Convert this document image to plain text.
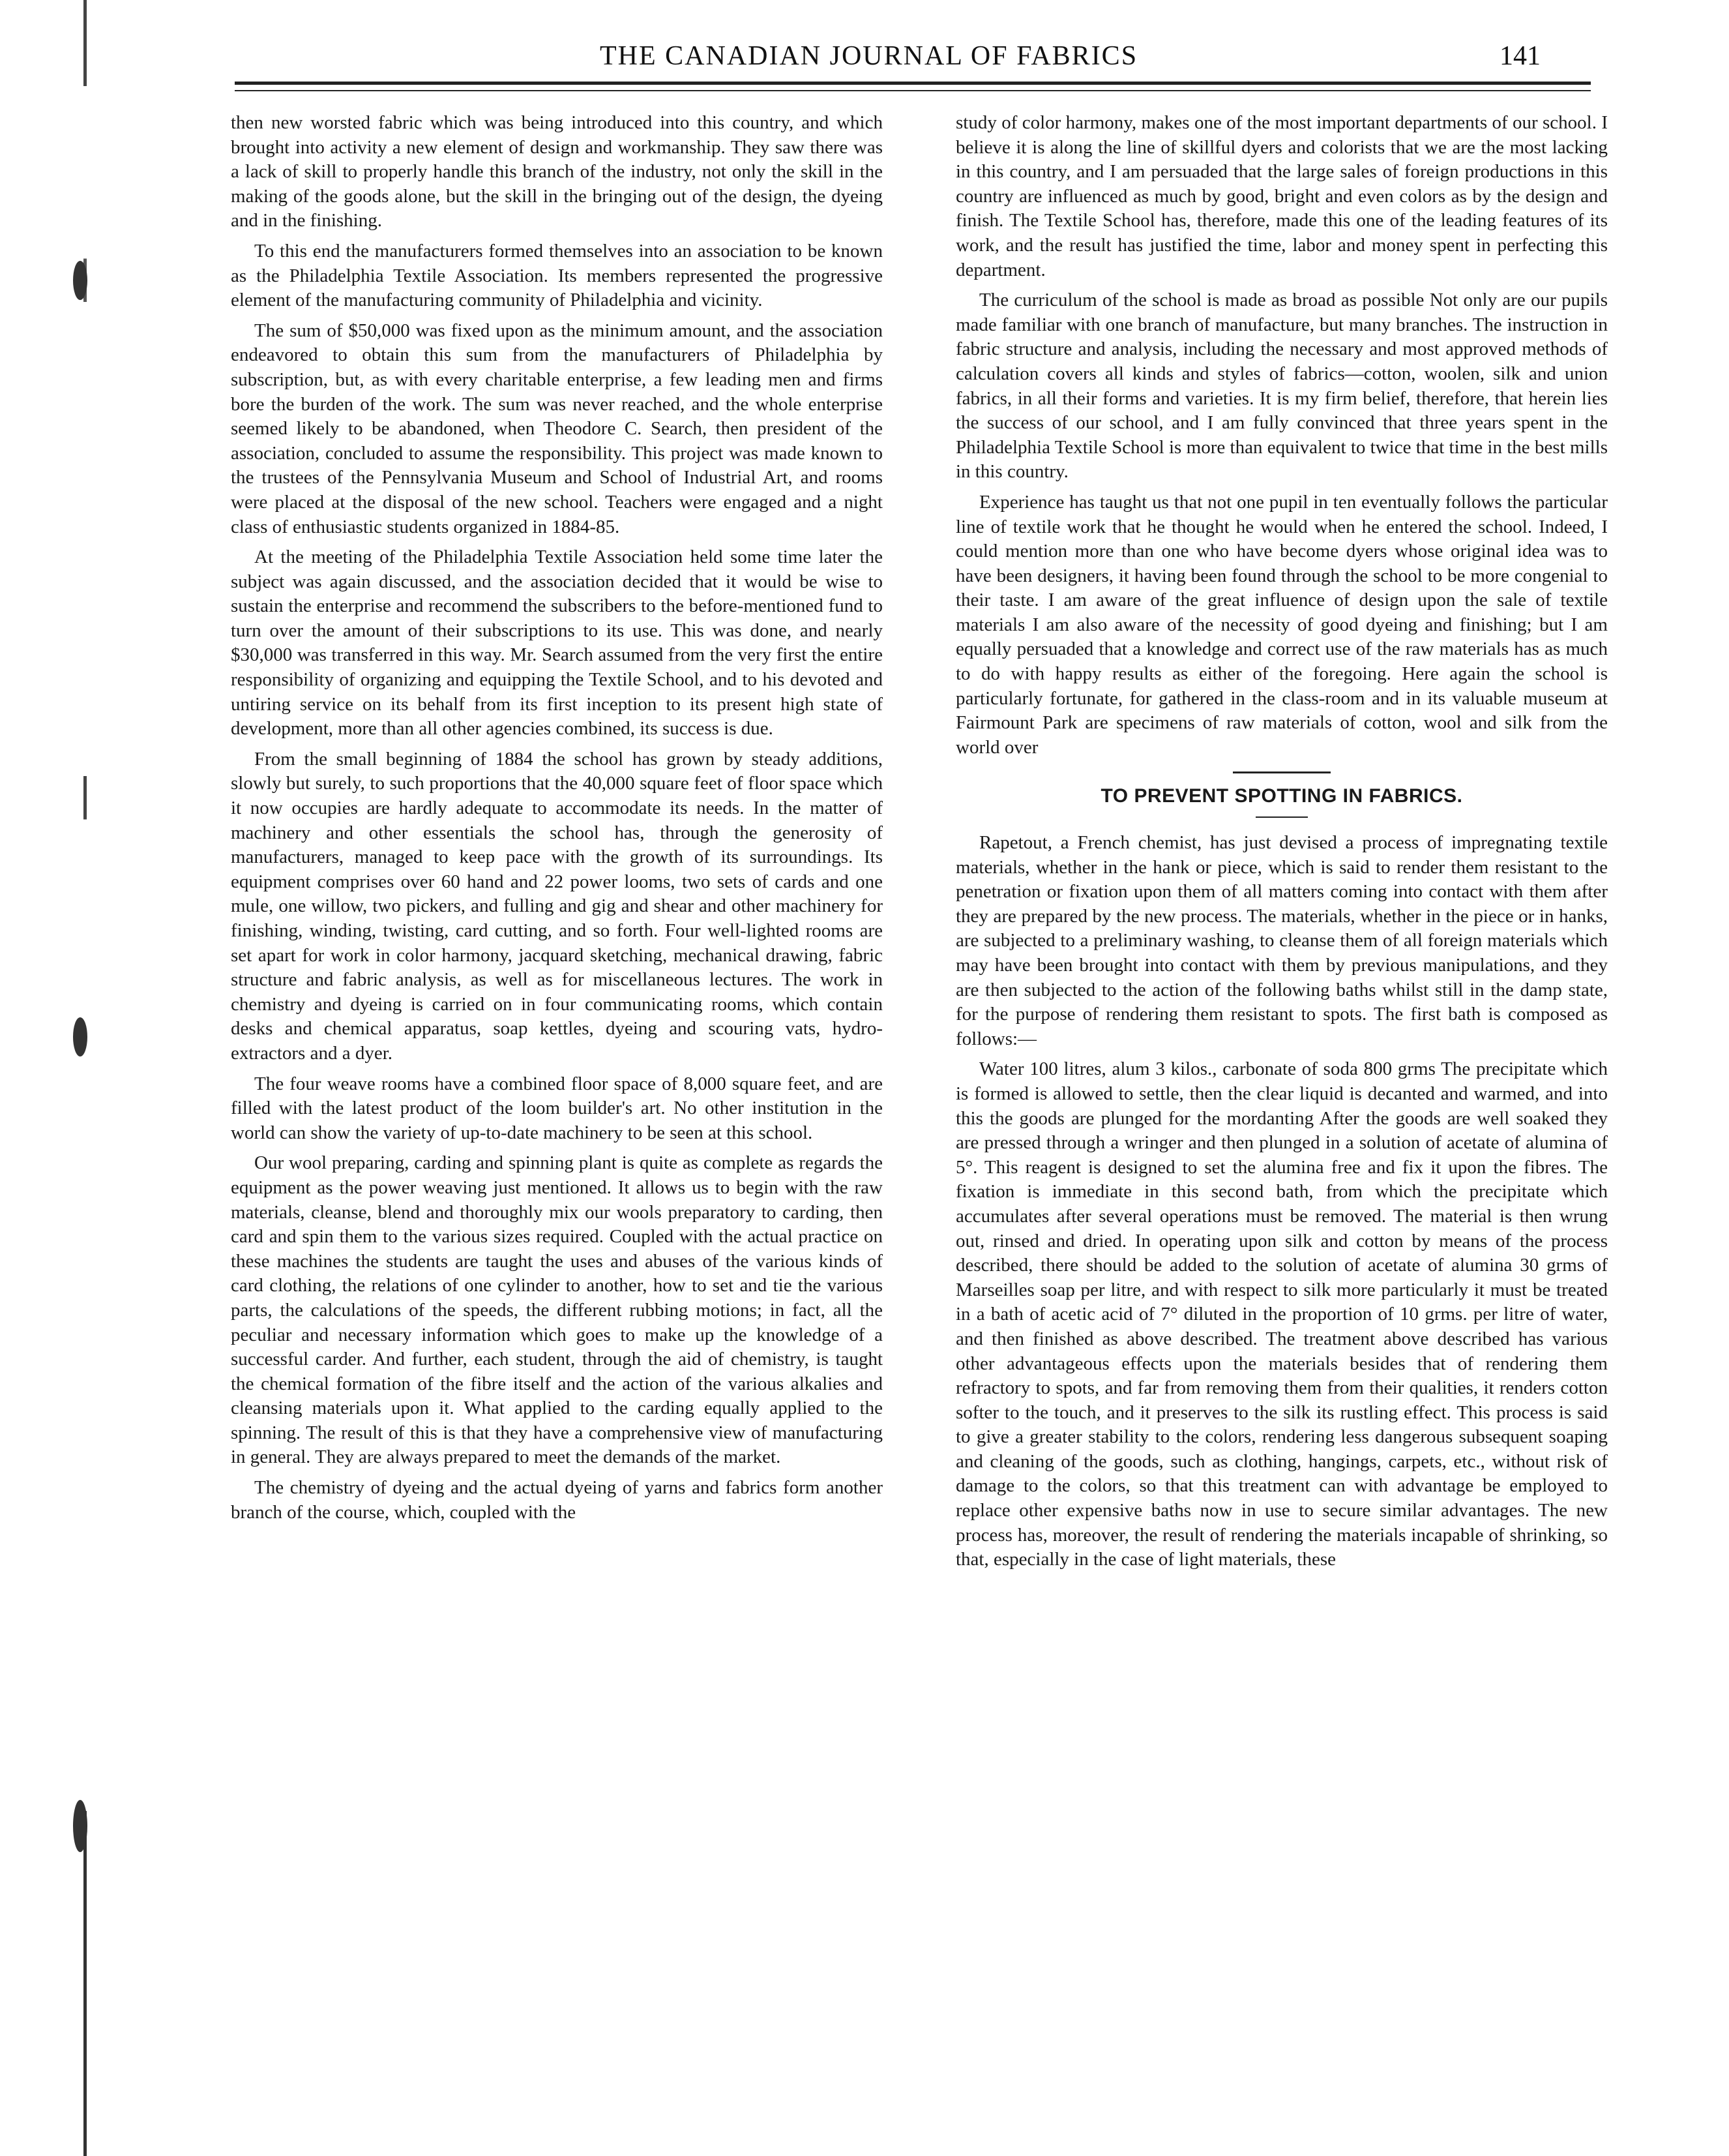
THE CANADIAN JOURNAL OF FABRICS	141

then new worsted fabric which was being introduced into this country, and which brought into activity a new element of design and workmanship. They saw there was a lack of skill to properly handle this branch of the industry, not only the skill in the making of the goods alone, but the skill in the bringing out of the design, the dyeing and in the finishing.

To this end the manufacturers formed themselves into an association to be known as the Philadelphia Textile Association. Its members represented the progressive element of the manufacturing community of Philadelphia and vicinity.

The sum of $50,000 was fixed upon as the minimum amount, and the association endeavored to obtain this sum from the manufacturers of Philadelphia by subscription, but, as with every charitable enterprise, a few leading men and firms bore the burden of the work. The sum was never reached, and the whole enterprise seemed likely to be abandoned, when Theodore C. Search, then president of the association, concluded to assume the responsibility. This project was made known to the trustees of the Pennsylvania Museum and School of Industrial Art, and rooms were placed at the disposal of the new school. Teachers were engaged and a night class of enthusiastic students organized in 1884-85.

At the meeting of the Philadelphia Textile Association held some time later the subject was again discussed, and the association decided that it would be wise to sustain the enterprise and recommend the subscribers to the before-mentioned fund to turn over the amount of their subscriptions to its use. This was done, and nearly $30,000 was transferred in this way. Mr. Search assumed from the very first the entire responsibility of organizing and equipping the Textile School, and to his devoted and untiring service on its behalf from its first inception to its present high state of development, more than all other agencies combined, its success is due.

From the small beginning of 1884 the school has grown by steady additions, slowly but surely, to such proportions that the 40,000 square feet of floor space which it now occupies are hardly adequate to accommodate its needs. In the matter of machinery and other essentials the school has, through the generosity of manufacturers, managed to keep pace with the growth of its surroundings. Its equipment comprises over 60 hand and 22 power looms, two sets of cards and one mule, one willow, two pickers, and fulling and gig and shear and other machinery for finishing, winding, twisting, card cutting, and so forth. Four well-lighted rooms are set apart for work in color harmony, jacquard sketching, mechanical drawing, fabric structure and fabric analysis, as well as for miscellaneous lectures. The work in chemistry and dyeing is carried on in four communicating rooms, which contain desks and chemical apparatus, soap kettles, dyeing and scouring vats, hydro-extractors and a dyer.

The four weave rooms have a combined floor space of 8,000 square feet, and are filled with the latest product of the loom builder's art. No other institution in the world can show the variety of up-to-date machinery to be seen at this school.

Our wool preparing, carding and spinning plant is quite as complete as regards the equipment as the power weaving just mentioned. It allows us to begin with the raw materials, cleanse, blend and thoroughly mix our wools preparatory to carding, then card and spin them to the various sizes required. Coupled with the actual practice on these machines the students are taught the uses and abuses of the various kinds of card clothing, the relations of one cylinder to another, how to set and tie the various parts, the calculations of the speeds, the different rubbing motions; in fact, all the peculiar and necessary information which goes to make up the knowledge of a successful carder. And further, each student, through the aid of chemistry, is taught the chemical formation of the fibre itself and the action of the various alkalies and cleansing materials upon it. What applied to the carding equally applied to the spinning. The result of this is that they have a comprehensive view of manufacturing in general. They are always prepared to meet the demands of the market.

The chemistry of dyeing and the actual dyeing of yarns and fabrics form another branch of the course, which, coupled with the

study of color harmony, makes one of the most important departments of our school. I believe it is along the line of skillful dyers and colorists that we are the most lacking in this country, and I am persuaded that the large sales of foreign productions in this country are influenced as much by good, bright and even colors as by the design and finish. The Textile School has, therefore, made this one of the leading features of its work, and the result has justified the time, labor and money spent in perfecting this department.

The curriculum of the school is made as broad as possible Not only are our pupils made familiar with one branch of manufacture, but many branches. The instruction in fabric structure and analysis, including the necessary and most approved methods of calculation covers all kinds and styles of fabrics—cotton, woolen, silk and union fabrics, in all their forms and varieties. It is my firm belief, therefore, that herein lies the success of our school, and I am fully convinced that three years spent in the Philadelphia Textile School is more than equivalent to twice that time in the best mills in this country.

Experience has taught us that not one pupil in ten eventually follows the particular line of textile work that he thought he would when he entered the school. Indeed, I could mention more than one who have become dyers whose original idea was to have been designers, it having been found through the school to be more congenial to their taste. I am aware of the great influence of design upon the sale of textile materials I am also aware of the necessity of good dyeing and finishing; but I am equally persuaded that a knowledge and correct use of the raw materials has as much to do with happy results as either of the foregoing. Here again the school is particularly fortunate, for gathered in the class-room and in its valuable museum at Fairmount Park are specimens of raw materials of cotton, wool and silk from the world over

TO PREVENT SPOTTING IN FABRICS.

Rapetout, a French chemist, has just devised a process of impregnating textile materials, whether in the hank or piece, which is said to render them resistant to the penetration or fixation upon them of all matters coming into contact with them after they are prepared by the new process. The materials, whether in the piece or in hanks, are subjected to a preliminary washing, to cleanse them of all foreign materials which may have been brought into contact with them by previous manipulations, and they are then subjected to the action of the following baths whilst still in the damp state, for the purpose of rendering them resistant to spots. The first bath is composed as follows:—

Water 100 litres, alum 3 kilos., carbonate of soda 800 grms The precipitate which is formed is allowed to settle, then the clear liquid is decanted and warmed, and into this the goods are plunged for the mordanting After the goods are well soaked they are pressed through a wringer and then plunged in a solution of acetate of alumina of 5°. This reagent is designed to set the alumina free and fix it upon the fibres. The fixation is immediate in this second bath, from which the precipitate which accumulates after several operations must be removed. The material is then wrung out, rinsed and dried. In operating upon silk and cotton by means of the process described, there should be added to the solution of acetate of alumina 30 grms of Marseilles soap per litre, and with respect to silk more particularly it must be treated in a bath of acetic acid of 7° diluted in the proportion of 10 grms. per litre of water, and then finished as above described. The treatment above described has various other advantageous effects upon the materials besides that of rendering them refractory to spots, and far from removing them from their qualities, it renders cotton softer to the touch, and it preserves to the silk its rustling effect. This process is said to give a greater stability to the colors, rendering less dangerous subsequent soaping and cleaning of the goods, such as clothing, hangings, carpets, etc., without risk of damage to the colors, so that this treatment can with advantage be employed to replace other expensive baths now in use to secure similar advantages. The new process has, moreover, the result of rendering the materials incapable of shrinking, so that, especially in the case of light materials, these
